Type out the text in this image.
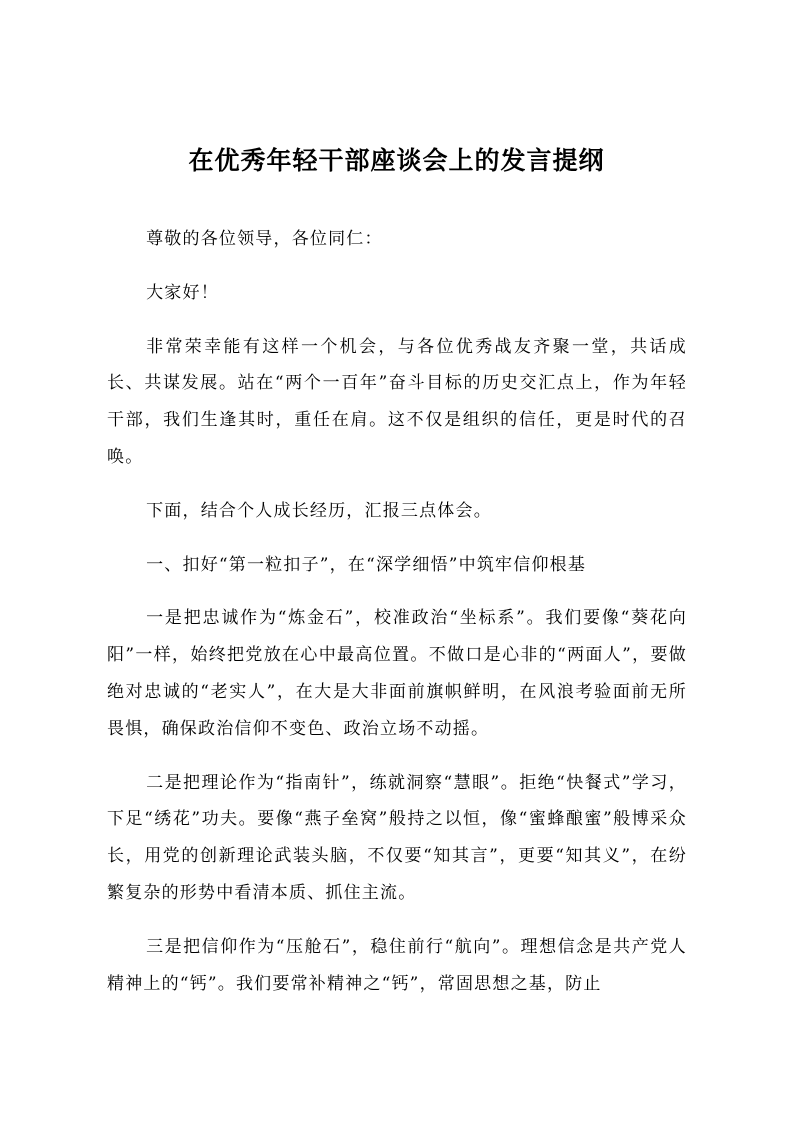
在优秀年轻干部座谈会上的发言提纲

尊敬的各位领导，各位同仁：

大家好！

非常荣幸能有这样一个机会，与各位优秀战友齐聚一堂，共话成长、共谋发展。站在“两个一百年”奋斗目标的历史交汇点上，作为年轻干部，我们生逢其时，重任在肩。这不仅是组织的信任，更是时代的召唤。

下面，结合个人成长经历，汇报三点体会。

一、扣好“第一粒扣子”，在“深学细悟”中筑牢信仰根基

一是把忠诚作为“炼金石”，校准政治“坐标系”。我们要像“葵花向阳”一样，始终把党放在心中最高位置。不做口是心非的“两面人”，要做绝对忠诚的“老实人”，在大是大非面前旗帜鲜明，在风浪考验面前无所畏惧，确保政治信仰不变色、政治立场不动摇。

二是把理论作为“指南针”，练就洞察“慧眼”。拒绝“快餐式”学习，下足“绣花”功夫。要像“燕子垒窝”般持之以恒，像“蜜蜂酿蜜”般博采众长，用党的创新理论武装头脑，不仅要“知其言”，更要“知其义”，在纷繁复杂的形势中看清本质、抓住主流。

三是把信仰作为“压舱石”，稳住前行“航向”。理想信念是共产党人精神上的“钙”。我们要常补精神之“钙”，常固思想之基，防止
